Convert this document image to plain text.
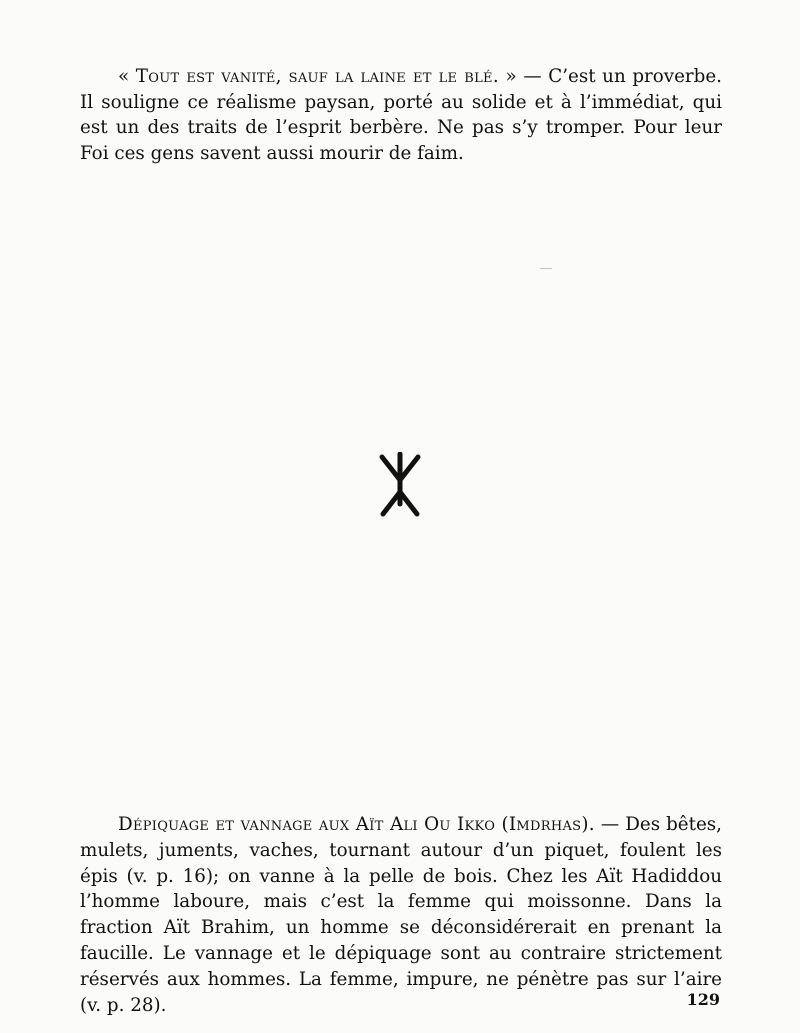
« Tout est vanité, sauf la laine et le blé. » — C’est un proverbe. Il souligne ce réalisme paysan, porté au solide et à l’immédiat, qui est un des traits de l’esprit berbère. Ne pas s’y tromper. Pour leur Foi ces gens savent aussi mourir de faim.

Dépiquage et vannage aux Aït Ali Ou Ikko (Imdrhas). — Des bêtes, mulets, juments, vaches, tournant autour d’un piquet, foulent les épis (v. p. 16); on vanne à la pelle de bois. Chez les Aït Hadiddou l’homme laboure, mais c’est la femme qui moissonne. Dans la fraction Aït Brahim, un homme se déconsidérerait en prenant la faucille. Le vannage et le dépiquage sont au contraire strictement réservés aux hommes. La femme, impure, ne pénètre pas sur l’aire (v. p. 28).	129
